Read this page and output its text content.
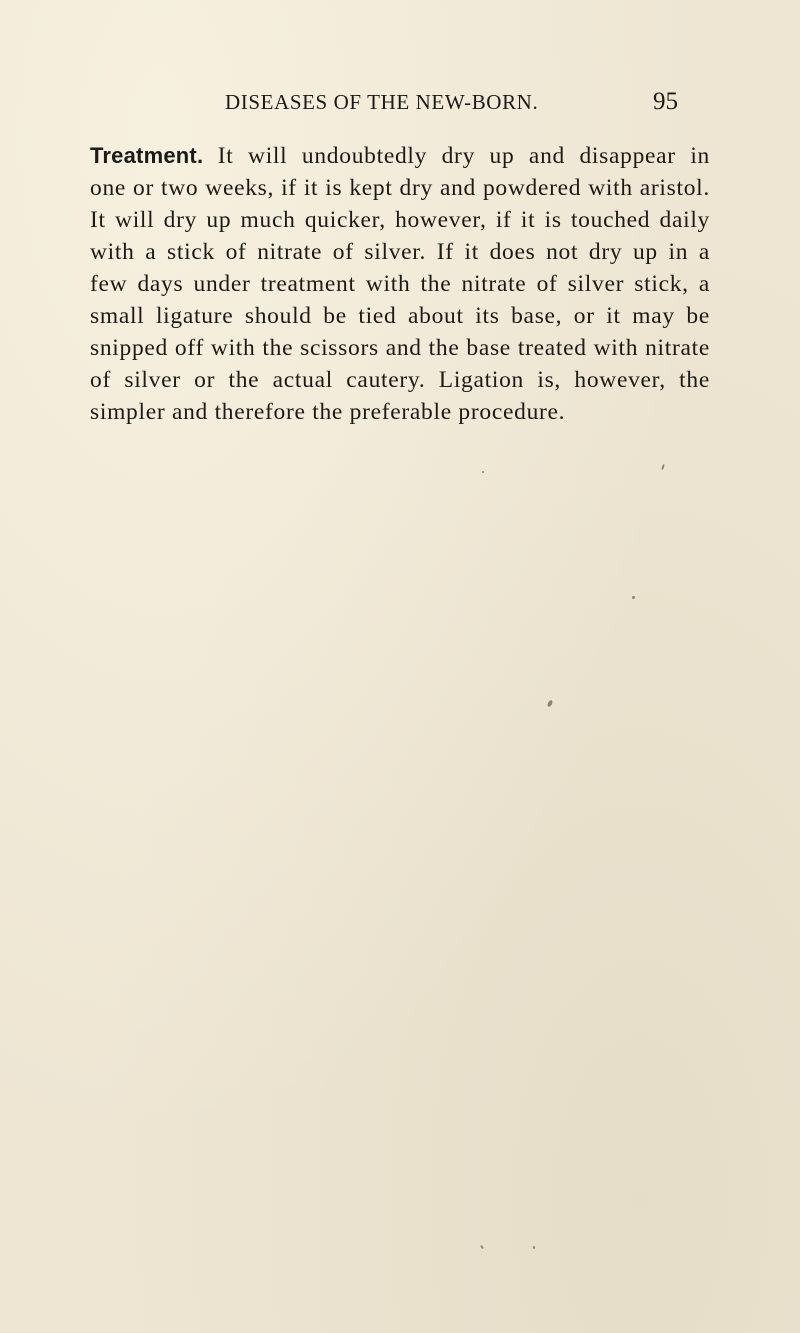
DISEASES OF THE NEW-BORN.	95
Treatment. It will undoubtedly dry up and disappear in
one or two weeks, if it is kept dry and powdered with aristol.
It will dry up much quicker, however, if it is touched daily
with a stick of nitrate of silver. If it does not dry up in a
few days under treatment with the nitrate of silver stick, a
small ligature should be tied about its base, or it may be
snipped off with the scissors and the base treated with nitrate
of silver or the actual cautery. Ligation is, however, the
simpler and therefore the preferable procedure.
